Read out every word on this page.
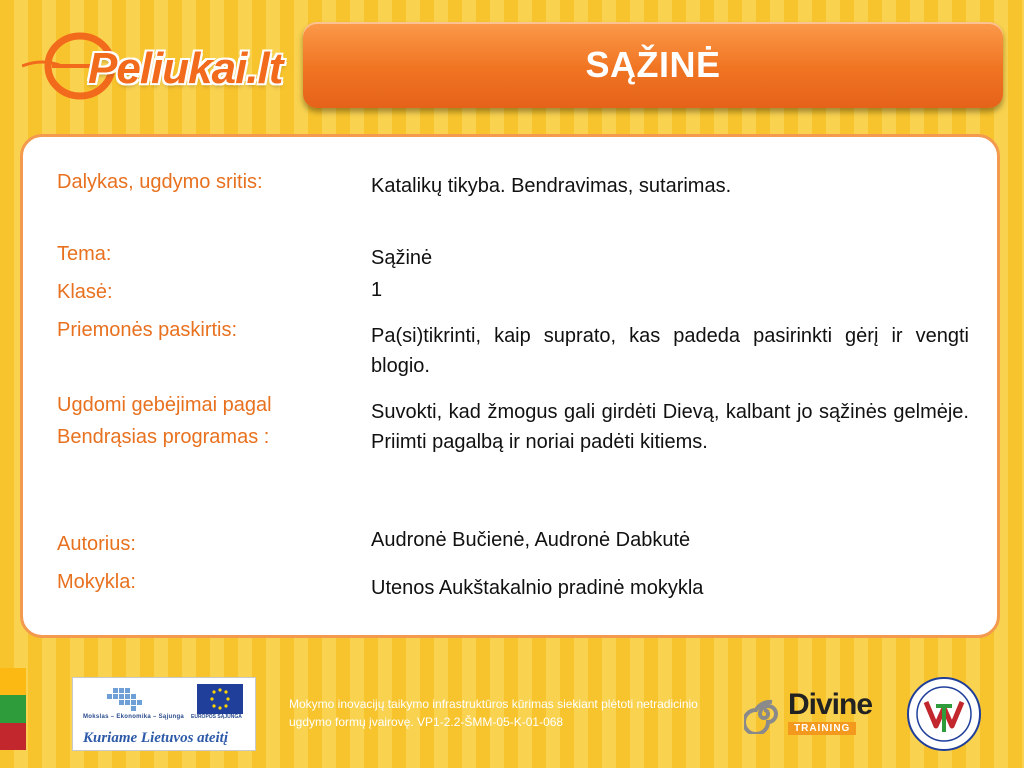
Peliukai.lt	SĄŽINĖ
Dalykas, ugdymo sritis:	Katalikų tikyba. Bendravimas, sutarimas.
Tema:	Sąžinė
Klasė:	1
Priemonės paskirtis:	Pa(si)tikrinti, kaip suprato, kas padeda pasirinkti gėrį ir vengti blogio.
Ugdomi gebėjimai pagal Bendrąsias programas :
Suvokti, kad žmogus gali girdėti Dievą, kalbant jo sąžinės gelmėje. Priimti pagalbą ir noriai padėti kitiems.
Autorius:	Audronė Bučienė, Audronė Dabkutė
Mokykla:	Utenos Aukštakalnio pradinė mokykla
Mokslas – Ekonomika – Sąjunga EUROPOS SĄJUNGA
Kuriame Lietuvos ateitį
Mokymo inovacijų taikymo infrastruktūros kūrimas siekiant plėtoti netradicinio ugdymo formų įvairovę. VP1-2.2-ŠMM-05-K-01-068
Divine
TRAINING
